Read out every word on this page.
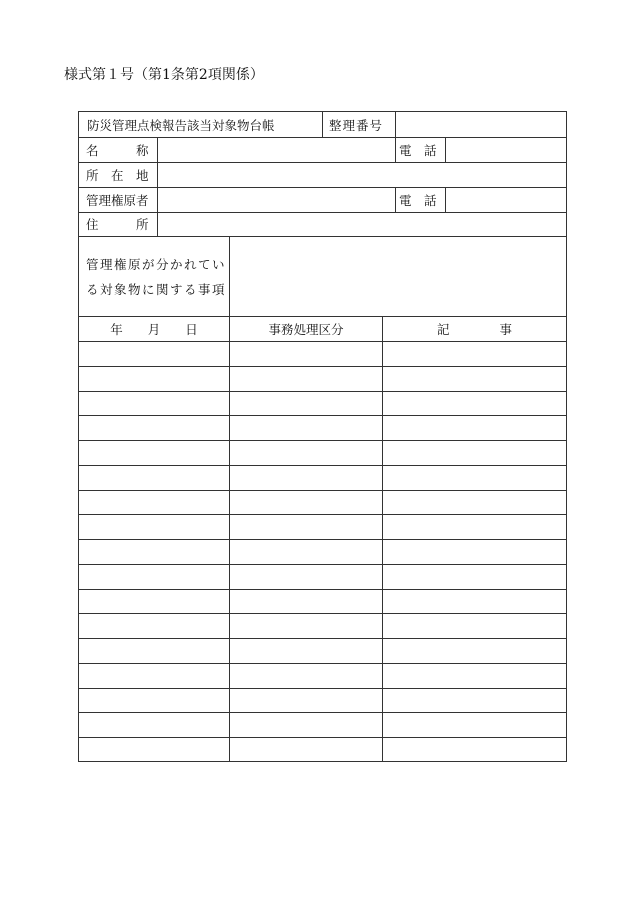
様式第１号（第1条第2項関係）
防災管理点検報告該当対象物台帳	整理番号
名　　　称	電　話
所　在　地
管理権原者	電　話
住　　　所
管理権原が分かれてい
る対象物に関する事項
年　　月　　日	事務処理区分	記　　　　事
